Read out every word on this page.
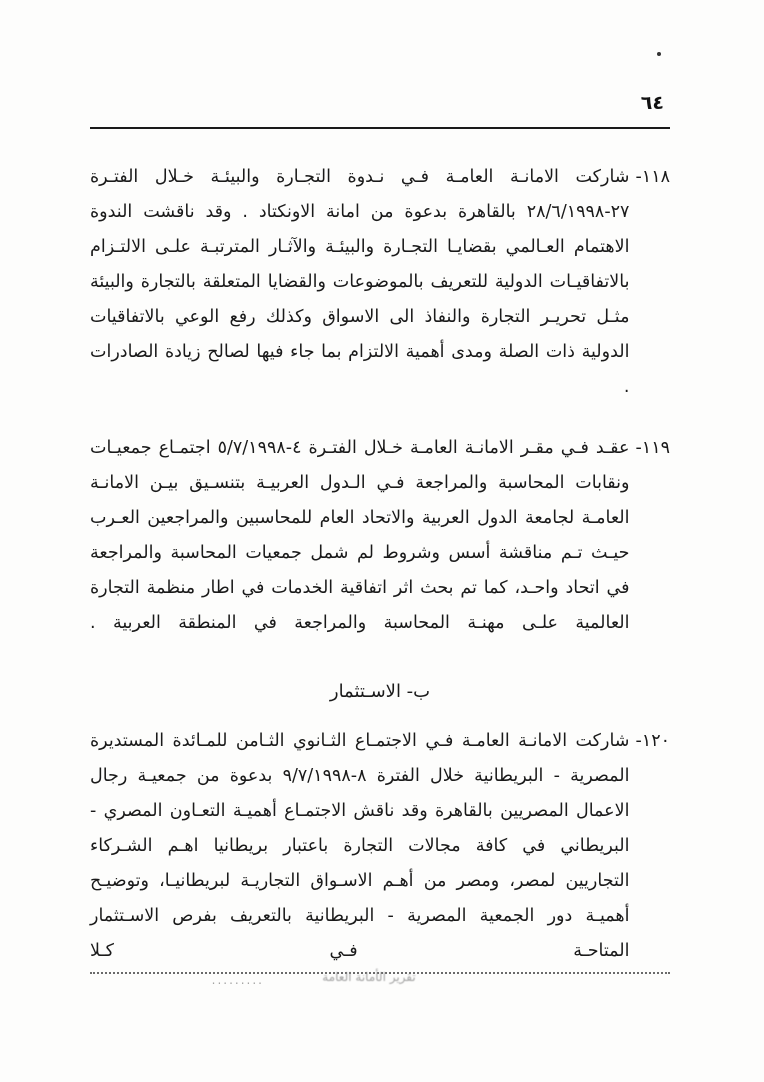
٦٤
١١٨-
شاركت الامانـة العامـة فـي نـدوة التجـارة والبيئـة خـلال الفتـرة ٢٧-٢٨/٦/١٩٩٨ بالقاهرة بدعوة من امانة الاونكتاد . وقد ناقشت الندوة الاهتمام العـالمي بقضايـا التجـارة والبيئـة والآثـار المترتبـة علـى الالتـزام بالاتفاقيـات الدولية للتعريف بالموضوعات والقضايا المتعلقة بالتجارة والبيئة مثـل تحريـر التجارة والنفاذ الى الاسواق وكذلك رفع الوعي بالاتفاقيات الدولية ذات الصلة ومدى أهمية الالتزام بما جاء فيها لصالح زيادة الصادرات .
١١٩-
عقـد فـي مقـر الامانـة العامـة خـلال الفتـرة ٤-٥/٧/١٩٩٨ اجتمـاع جمعيـات ونقابات المحاسبة والمراجعة فـي الـدول العربيـة بتنسـيق بيـن الامانـة العامـة لجامعة الدول العربية والاتحاد العام للمحاسبين والمراجعين العـرب حيـث تـم مناقشة أسس وشروط لم شمل جمعيات المحاسبة والمراجعة في اتحاد واحـد، كما تم بحث اثر اتفاقية الخدمات في اطار منظمة التجارة العالمية علـى مهنـة المحاسبة والمراجعة في المنطقة العربية .
ب- الاسـتثمار
١٢٠-
شاركت الامانـة العامـة فـي الاجتمـاع الثـانوي الثـامن للمـائدة المستديرة المصرية - البريطانية خلال الفترة ٨-٩/٧/١٩٩٨ بدعوة من جمعيـة رجال الاعمال المصريين بالقاهرة وقد ناقش الاجتمـاع أهميـة التعـاون المصري - البريطاني في كافة مجالات التجارة باعتبار بريطانيا اهـم الشـركاء التجاريين لمصر، ومصر من أهـم الاسـواق التجاريـة لبريطانيـا، وتوضيـح أهميـة دور الجمعية المصرية - البريطانية بالتعريف بفرص الاسـتثمار المتاحـة فـي كـلا
تقرير الأمانة العامة
.........
